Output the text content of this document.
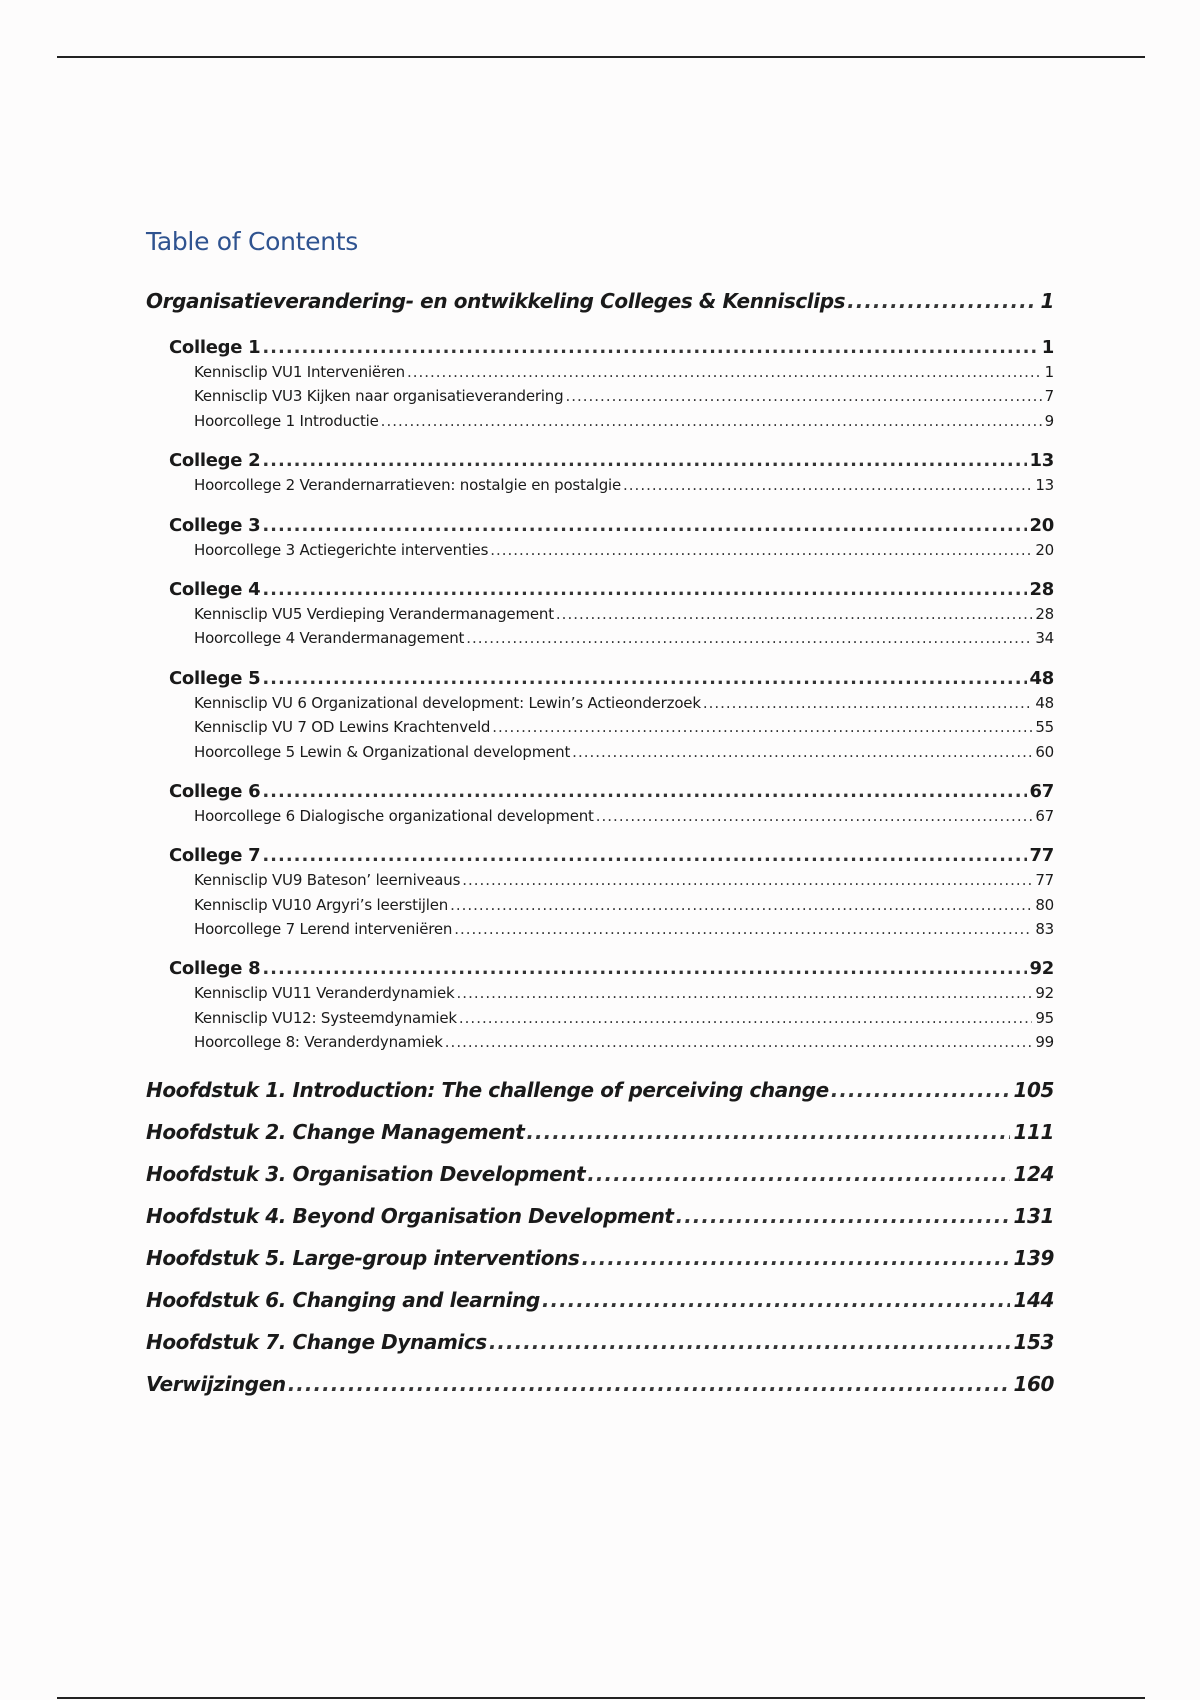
Table of Contents
Organisatieverandering- en ontwikkeling Colleges & Kennisclips .....	1
College 1 .....	1
Kennisclip VU1 Interveniëren .....	1
Kennisclip VU3 Kijken naar organisatieverandering .....	7
Hoorcollege 1 Introductie .....	9
College 2 .....	13
Hoorcollege 2 Verandernarratieven: nostalgie en postalgie .....	13
College 3 .....	20
Hoorcollege 3 Actiegerichte interventies .....	20
College 4 .....	28
Kennisclip VU5 Verdieping Verandermanagement .....	28
Hoorcollege 4 Verandermanagement .....	34
College 5 .....	48
Kennisclip VU 6 Organizational development: Lewin’s Actieonderzoek .....	48
Kennisclip VU 7 OD Lewins Krachtenveld .....	55
Hoorcollege 5 Lewin & Organizational development .....	60
College 6 .....	67
Hoorcollege 6 Dialogische organizational development .....	67
College 7 .....	77
Kennisclip VU9 Bateson’ leerniveaus .....	77
Kennisclip VU10 Argyri’s leerstijlen .....	80
Hoorcollege 7 Lerend interveniëren .....	83
College 8 .....	92
Kennisclip VU11 Veranderdynamiek .....	92
Kennisclip VU12: Systeemdynamiek .....	95
Hoorcollege 8: Veranderdynamiek .....	99
Hoofdstuk 1. Introduction: The challenge of perceiving change .....	105
Hoofdstuk 2. Change Management .....	111
Hoofdstuk 3. Organisation Development .....	124
Hoofdstuk 4. Beyond Organisation Development .....	131
Hoofdstuk 5. Large-group interventions .....	139
Hoofdstuk 6. Changing and learning .....	144
Hoofdstuk 7. Change Dynamics .....	153
Verwijzingen .....	160
